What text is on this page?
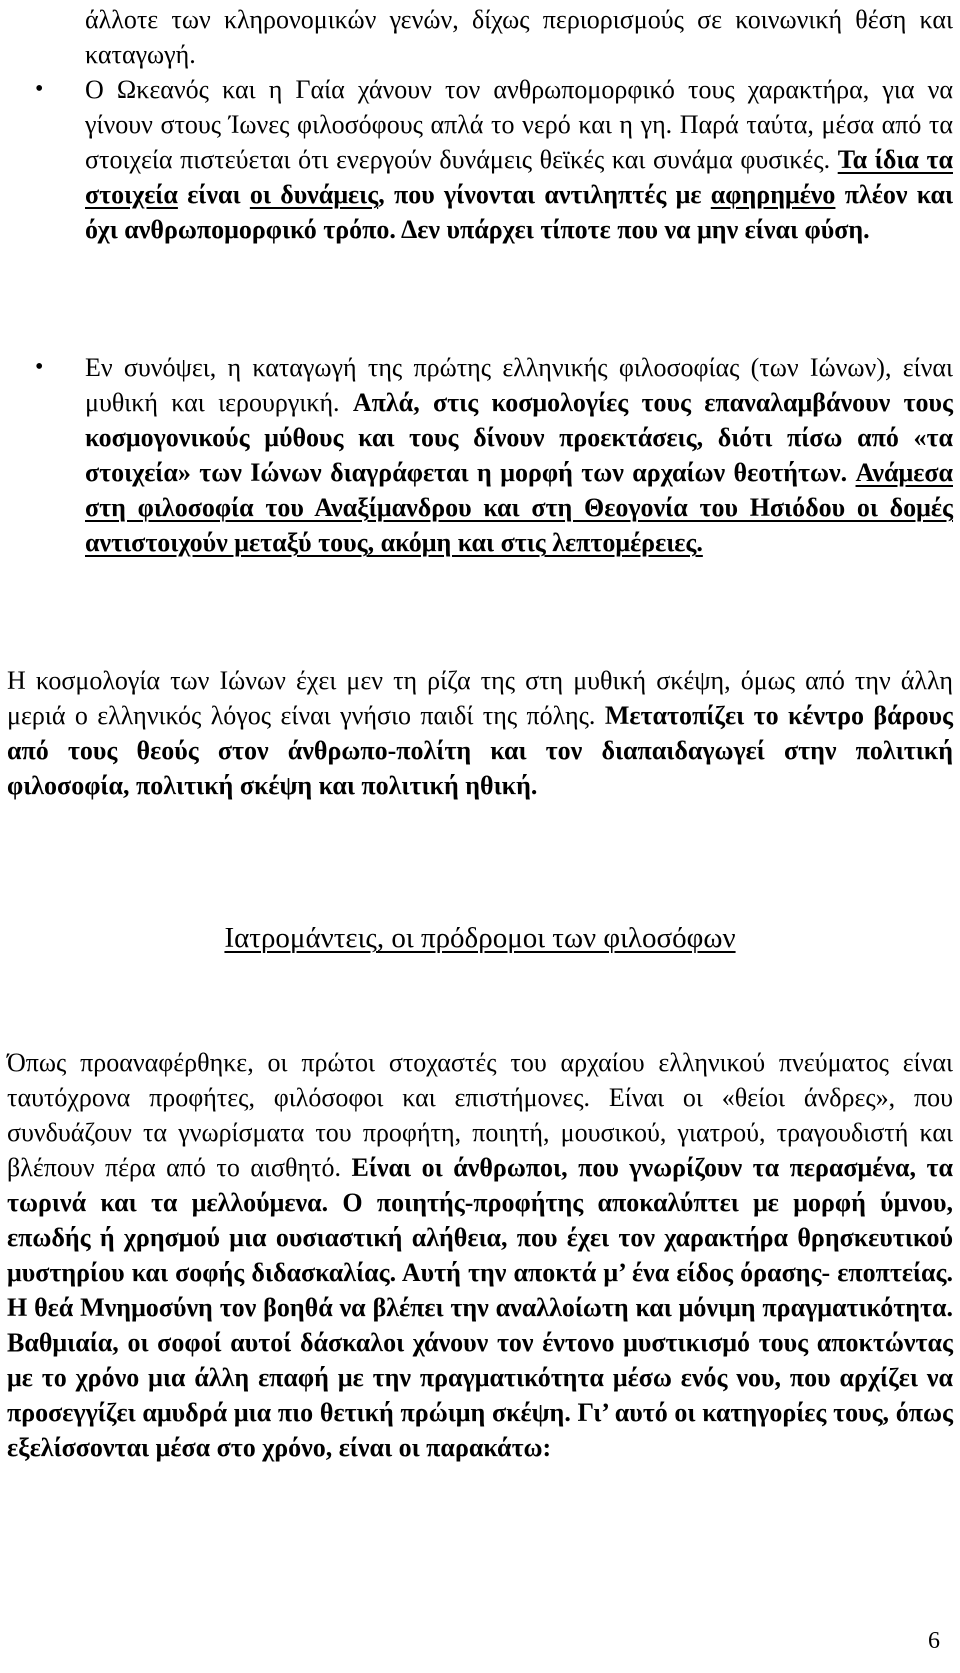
άλλοτε των κληρονομικών γενών, δίχως περιορισμούς σε κοινωνική θέση και καταγωγή.
• Ο Ωκεανός και η Γαία χάνουν τον ανθρωπομορφικό τους χαρακτήρα, για να γίνουν στους Ίωνες φιλοσόφους απλά το νερό και η γη. Παρά ταύτα, μέσα από τα στοιχεία πιστεύεται ότι ενεργούν δυνάμεις θεϊκές και συνάμα φυσικές. Τα ίδια τα στοιχεία είναι οι δυνάμεις, που γίνονται αντιληπτές με αφηρημένο πλέον και όχι ανθρωπομορφικό τρόπο. Δεν υπάρχει τίποτε που να μην είναι φύση.
• Εν συνόψει, η καταγωγή της πρώτης ελληνικής φιλοσοφίας (των Ιώνων), είναι μυθική και ιερουργική. Απλά, στις κοσμολογίες τους επαναλαμβάνουν τους κοσμογονικούς μύθους και τους δίνουν προεκτάσεις, διότι πίσω από «τα στοιχεία» των Ιώνων διαγράφεται η μορφή των αρχαίων θεοτήτων. Ανάμεσα στη φιλοσοφία του Αναξίμανδρου και στη Θεογονία του Ησιόδου οι δομές αντιστοιχούν μεταξύ τους, ακόμη και στις λεπτομέρειες.
Η κοσμολογία των Ιώνων έχει μεν τη ρίζα της στη μυθική σκέψη, όμως από την άλλη μεριά ο ελληνικός λόγος είναι γνήσιο παιδί της πόλης. Μετατοπίζει το κέντρο βάρους από τους θεούς στον άνθρωπο-πολίτη και τον διαπαιδαγωγεί στην πολιτική φιλοσοφία, πολιτική σκέψη και πολιτική ηθική.
Ιατρομάντεις, οι πρόδρομοι των φιλοσόφων
Όπως προαναφέρθηκε, οι πρώτοι στοχαστές του αρχαίου ελληνικού πνεύματος είναι ταυτόχρονα προφήτες, φιλόσοφοι και επιστήμονες. Είναι οι «θείοι άνδρες», που συνδυάζουν τα γνωρίσματα του προφήτη, ποιητή, μουσικού, γιατρού, τραγουδιστή και βλέπουν πέρα από το αισθητό. Είναι οι άνθρωποι, που γνωρίζουν τα περασμένα, τα τωρινά και τα μελλούμενα. Ο ποιητής-προφήτης αποκαλύπτει με μορφή ύμνου, επωδής ή χρησμού μια ουσιαστική αλήθεια, που έχει τον χαρακτήρα θρησκευτικού μυστηρίου και σοφής διδασκαλίας. Αυτή την αποκτά μ’ ένα είδος όρασης- εποπτείας. Η θεά Μνημοσύνη τον βοηθά να βλέπει την αναλλοίωτη και μόνιμη πραγματικότητα. Βαθμιαία, οι σοφοί αυτοί δάσκαλοι χάνουν τον έντονο μυστικισμό τους αποκτώντας με το χρόνο μια άλλη επαφή με την πραγματικότητα μέσω ενός νου, που αρχίζει να προσεγγίζει αμυδρά μια πιο θετική πρώιμη σκέψη. Γι’ αυτό οι κατηγορίες τους, όπως εξελίσσονται μέσα στο χρόνο, είναι οι παρακάτω:
6
